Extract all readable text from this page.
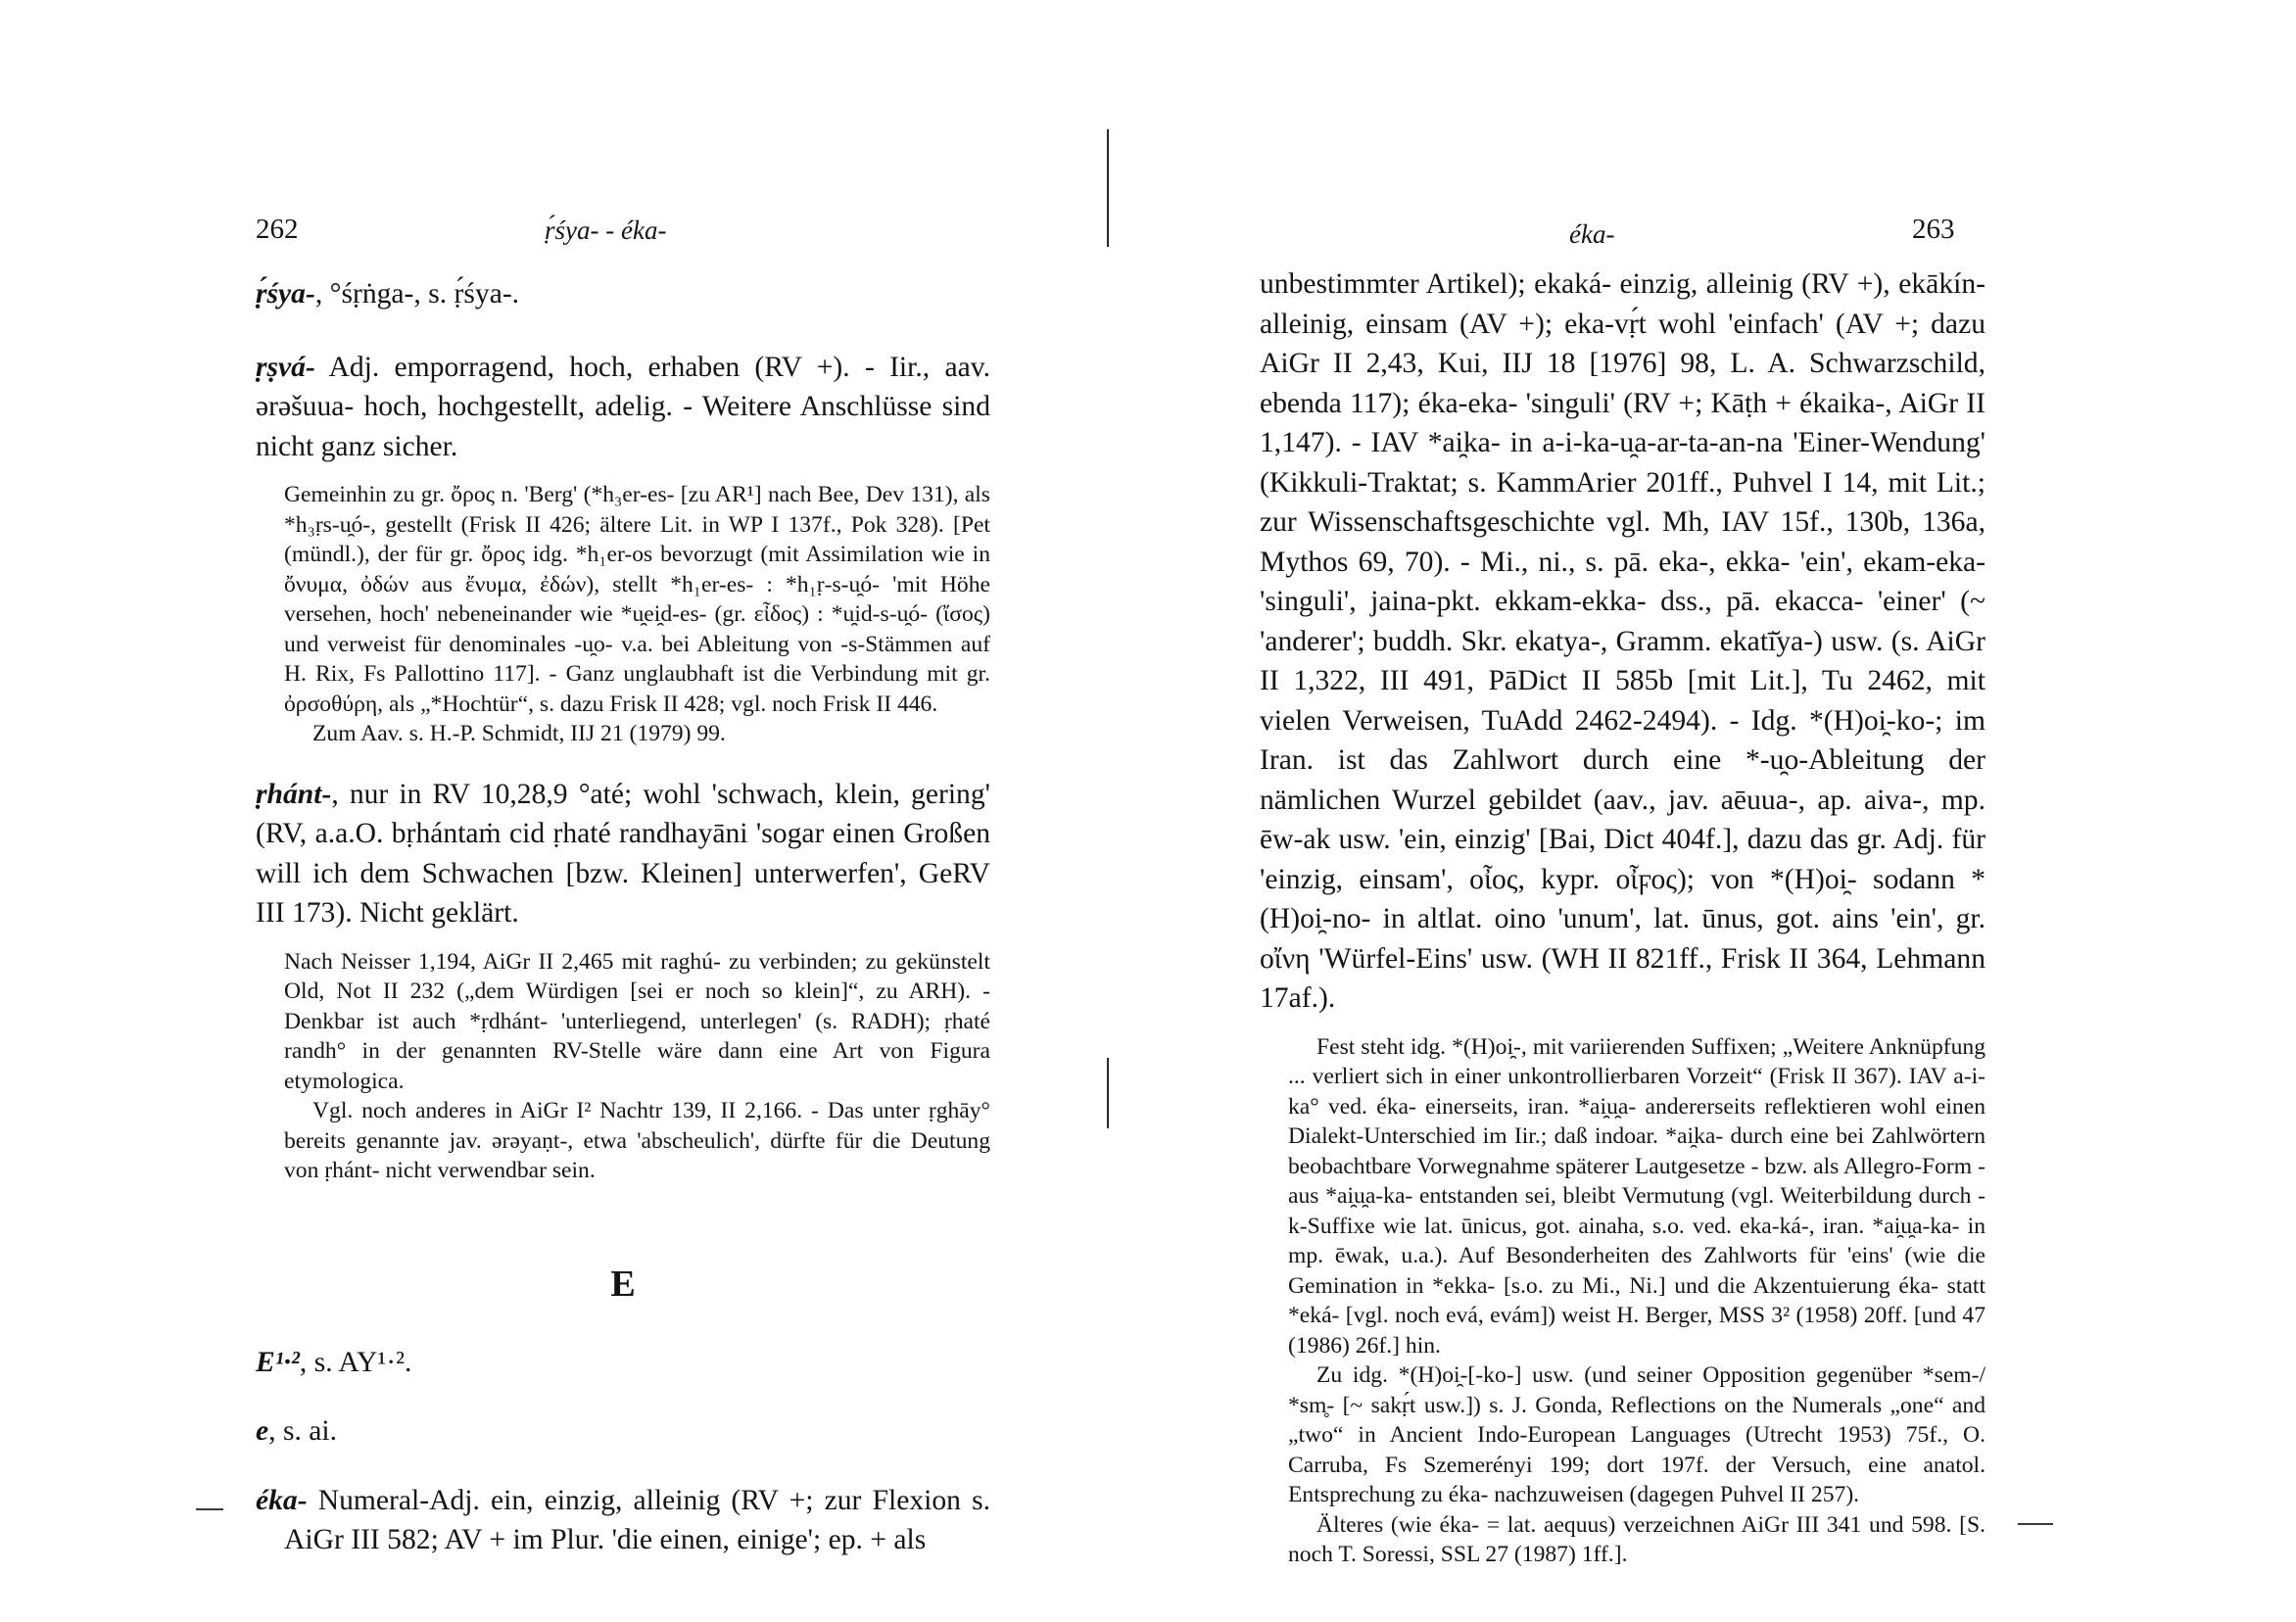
262	ṛ́śya- - éka-

ṛ́śya-, °śṛṅga-, s. ṛ́śya-.

ṛṣvá- Adj. emporragend, hoch, erhaben (RV +). - Iir., aav. ərəšuua- hoch, hochgestellt, adelig. - Weitere Anschlüsse sind nicht ganz sicher.

Gemeinhin zu gr. ὄρος n. 'Berg' (*h₃er-es- [zu AR¹] nach Bee, Dev 131), als *h₃ṛs-u̯ó-, gestellt (Frisk II 426; ältere Lit. in WP I 137f., Pok 328). [Pet (mündl.), der für gr. ὄρος idg. *h₁er-os bevorzugt (mit Assimilation wie in ὄνυμα, ὀδών aus ἔνυμα, ἐδών), stellt *h₁er-es- : *h₁ṛ-s-u̯ó- 'mit Höhe versehen, hoch' nebeneinander wie *u̯ei̯d-es- (gr. εἶδος) : *u̯id-s-u̯ó- (ἴσος) und verweist für denominales -u̯o- v.a. bei Ableitung von -s-Stämmen auf H. Rix, Fs Pallottino 117]. - Ganz unglaubhaft ist die Verbindung mit gr. ὀρσοθύρη, als „*Hochtür“, s. dazu Frisk II 428; vgl. noch Frisk II 446.

Zum Aav. s. H.-P. Schmidt, IIJ 21 (1979) 99.

ṛhánt-, nur in RV 10,28,9 °até; wohl 'schwach, klein, gering' (RV, a.a.O. bṛhántaṁ cid ṛhaté randhayāni 'sogar einen Großen will ich dem Schwachen [bzw. Kleinen] unterwerfen', GeRV III 173). Nicht geklärt.

Nach Neisser 1,194, AiGr II 2,465 mit raghú- zu verbinden; zu gekünstelt Old, Not II 232 („dem Würdigen [sei er noch so klein]“, zu ARH). - Denkbar ist auch *ṛdhánt- 'unterliegend, unterlegen' (s. RADH); ṛhaté randh° in der genannten RV-Stelle wäre dann eine Art von Figura etymologica.

Vgl. noch anderes in AiGr I² Nachtr 139, II 2,166. - Das unter ṛghāy° bereits genannte jav. ərəyaṇt-, etwa 'abscheulich', dürfte für die Deutung von ṛhánt- nicht verwendbar sein.

E

E¹·², s. AY¹·².

e, s. ai.

éka- Numeral-Adj. ein, einzig, alleinig (RV +; zur Flexion s. AiGr III 582; AV + im Plur. 'die einen, einige'; ep. + als

éka-	263

unbestimmter Artikel); ekaká- einzig, alleinig (RV +), ekākín- alleinig, einsam (AV +); eka-vṛ́t wohl 'einfach' (AV +; dazu AiGr II 2,43, Kui, IIJ 18 [1976] 98, L. A. Schwarzschild, ebenda 117); éka-eka- 'singuli' (RV +; Kāṭh + ékaika-, AiGr II 1,147). - IAV *ai̯ka- in a-i-ka-u̯a-ar-ta-an-na 'Einer-Wendung' (Kikkuli-Traktat; s. KammArier 201ff., Puhvel I 14, mit Lit.; zur Wissenschaftsgeschichte vgl. Mh, IAV 15f., 130b, 136a, Mythos 69, 70). - Mi., ni., s. pā. eka-, ekka- 'ein', ekam-eka- 'singuli', jaina-pkt. ekkam-ekka- dss., pā. ekacca- 'einer' (~ 'anderer'; buddh. Skr. ekatya-, Gramm. ekatī̆ya-) usw. (s. AiGr II 1,322, III 491, PāDict II 585b [mit Lit.], Tu 2462, mit vielen Verweisen, TuAdd 2462-2494). - Idg. *(H)oi̯-ko-; im Iran. ist das Zahlwort durch eine *-u̯o-Ableitung der nämlichen Wurzel gebildet (aav., jav. aēuua-, ap. aiva-, mp. ēw-ak usw. 'ein, einzig' [Bai, Dict 404f.], dazu das gr. Adj. für 'einzig, einsam', οἶος, kypr. οἶϝος); von *(H)oi̯- sodann *(H)oi̯-no- in altlat. oino 'unum', lat. ūnus, got. ains 'ein', gr. οἴνη 'Würfel-Eins' usw. (WH II 821ff., Frisk II 364, Lehmann 17af.).

Fest steht idg. *(H)oi̯-, mit variierenden Suffixen; „Weitere Anknüpfung ... verliert sich in einer unkontrollierbaren Vorzeit“ (Frisk II 367). IAV a-i-ka° ved. éka- einerseits, iran. *ai̯u̯a- andererseits reflektieren wohl einen Dialekt-Unterschied im Iir.; daß indoar. *ai̯ka- durch eine bei Zahlwörtern beobachtbare Vorwegnahme späterer Lautgesetze - bzw. als Allegro-Form - aus *ai̯u̯a-ka- entstanden sei, bleibt Vermutung (vgl. Weiterbildung durch -k-Suffixe wie lat. ūnicus, got. ainaha, s.o. ved. eka-ká-, iran. *ai̯u̯a-ka- in mp. ēwak, u.a.). Auf Besonderheiten des Zahlworts für 'eins' (wie die Gemination in *ekka- [s.o. zu Mi., Ni.] und die Akzentuierung éka- statt *eká- [vgl. noch evá, evám]) weist H. Berger, MSS 3² (1958) 20ff. [und 47 (1986) 26f.] hin.

Zu idg. *(H)oi̯-[-ko-] usw. (und seiner Opposition gegenüber *sem-/ *sm̥- [~ sakṛ́t usw.]) s. J. Gonda, Reflections on the Numerals „one“ and „two“ in Ancient Indo-European Languages (Utrecht 1953) 75f., O. Carruba, Fs Szemerényi 199; dort 197f. der Versuch, eine anatol. Entsprechung zu éka- nachzuweisen (dagegen Puhvel II 257).

Älteres (wie éka- = lat. aequus) verzeichnen AiGr III 341 und 598. [S. noch T. Soressi, SSL 27 (1987) 1ff.].
